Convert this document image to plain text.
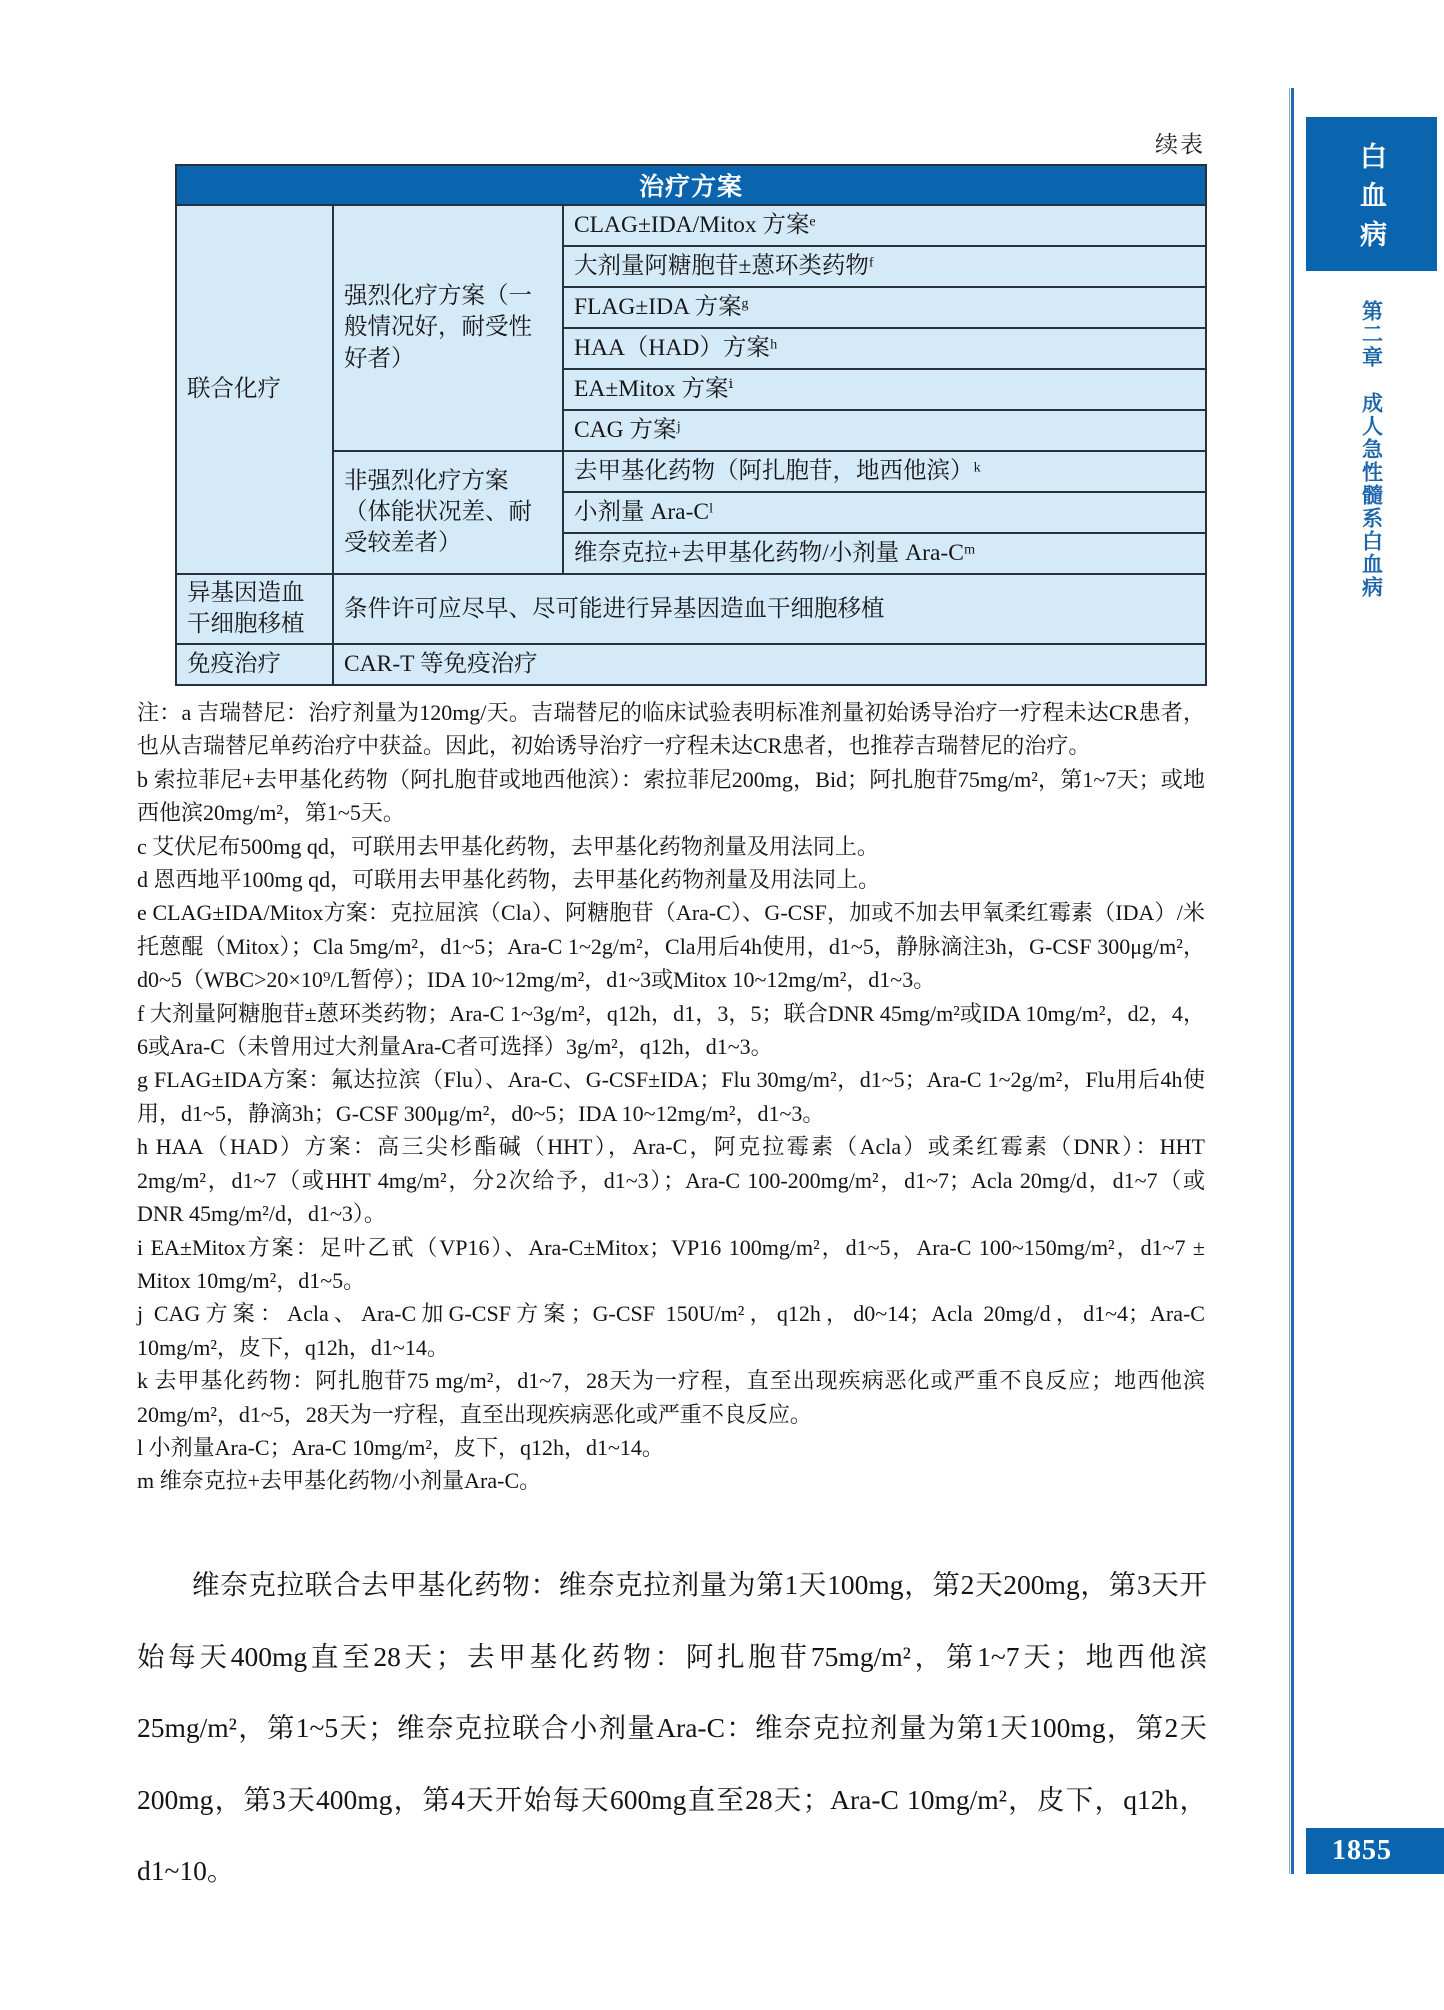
续表
治疗方案		
联合化疗	强烈化疗方案（一般情况好，耐受性好者）	CLAG±IDA/Mitox 方案ᵉ
		大剂量阿糖胞苷±蒽环类药物ᶠ
		FLAG±IDA 方案ᵍ
		HAA（HAD）方案ʰ
		EA±Mitox 方案ⁱ
		CAG 方案ʲ
	非强烈化疗方案（体能状况差、耐受较差者）	去甲基化药物（阿扎胞苷，地西他滨）ᵏ
		小剂量 Ara-Cˡ
		维奈克拉+去甲基化药物/小剂量 Ara-Cᵐ
异基因造血干细胞移植	条件许可应尽早、尽可能进行异基因造血干细胞移植	
免疫治疗	CAR-T 等免疫治疗	

注：a 吉瑞替尼：治疗剂量为120mg/天。吉瑞替尼的临床试验表明标准剂量初始诱导治疗一疗程未达CR患者，也从吉瑞替尼单药治疗中获益。因此，初始诱导治疗一疗程未达CR患者，也推荐吉瑞替尼的治疗。

b 索拉菲尼+去甲基化药物（阿扎胞苷或地西他滨）：索拉菲尼200mg，Bid；阿扎胞苷75mg/m²，第1~7天；或地西他滨20mg/m²，第1~5天。

c 艾伏尼布500mg qd，可联用去甲基化药物，去甲基化药物剂量及用法同上。

d 恩西地平100mg qd，可联用去甲基化药物，去甲基化药物剂量及用法同上。

e CLAG±IDA/Mitox方案：克拉屈滨（Cla）、阿糖胞苷（Ara-C）、G-CSF，加或不加去甲氧柔红霉素（IDA）/米托蒽醌（Mitox）；Cla 5mg/m²，d1~5；Ara-C 1~2g/m²，Cla用后4h使用，d1~5，静脉滴注3h，G-CSF 300μg/m²，d0~5（WBC>20×10⁹/L暂停）；IDA 10~12mg/m²，d1~3或Mitox 10~12mg/m²，d1~3。

f 大剂量阿糖胞苷±蒽环类药物；Ara-C 1~3g/m²，q12h，d1，3，5；联合DNR 45mg/m²或IDA 10mg/m²，d2，4，6或Ara-C（未曾用过大剂量Ara-C者可选择）3g/m²，q12h，d1~3。

g FLAG±IDA方案：氟达拉滨（Flu）、Ara-C、G-CSF±IDA；Flu 30mg/m²，d1~5；Ara-C 1~2g/m²，Flu用后4h使用，d1~5，静滴3h；G-CSF 300μg/m²，d0~5；IDA 10~12mg/m²，d1~3。

h HAA（HAD）方案：高三尖杉酯碱（HHT），Ara-C，阿克拉霉素（Acla）或柔红霉素（DNR）：HHT 2mg/m²，d1~7（或HHT 4mg/m²，分2次给予，d1~3）；Ara-C 100-200mg/m²，d1~7；Acla 20mg/d，d1~7（或DNR 45mg/m²/d，d1~3）。

i EA±Mitox方案：足叶乙甙（VP16）、Ara-C±Mitox；VP16 100mg/m²，d1~5，Ara-C 100~150mg/m²，d1~7 ± Mitox 10mg/m²，d1~5。

j CAG方案：Acla、Ara-C加G-CSF方案；G-CSF 150U/m²，q12h，d0~14；Acla 20mg/d，d1~4；Ara-C 10mg/m²，皮下，q12h，d1~14。

k 去甲基化药物：阿扎胞苷75 mg/m²，d1~7，28天为一疗程，直至出现疾病恶化或严重不良反应；地西他滨20mg/m²，d1~5，28天为一疗程，直至出现疾病恶化或严重不良反应。

l 小剂量Ara-C；Ara-C 10mg/m²，皮下，q12h，d1~14。

m 维奈克拉+去甲基化药物/小剂量Ara-C。

维奈克拉联合去甲基化药物：维奈克拉剂量为第1天100mg，第2天200mg，第3天开始每天400mg直至28天；去甲基化药物：阿扎胞苷75mg/m²，第1~7天；地西他滨25mg/m²，第1~5天；维奈克拉联合小剂量Ara-C：维奈克拉剂量为第1天100mg，第2天200mg，第3天400mg，第4天开始每天600mg直至28天；Ara-C 10mg/m²，皮下，q12h，d1~10。
白血病
第二章　成人急性髓系白血病
1855
